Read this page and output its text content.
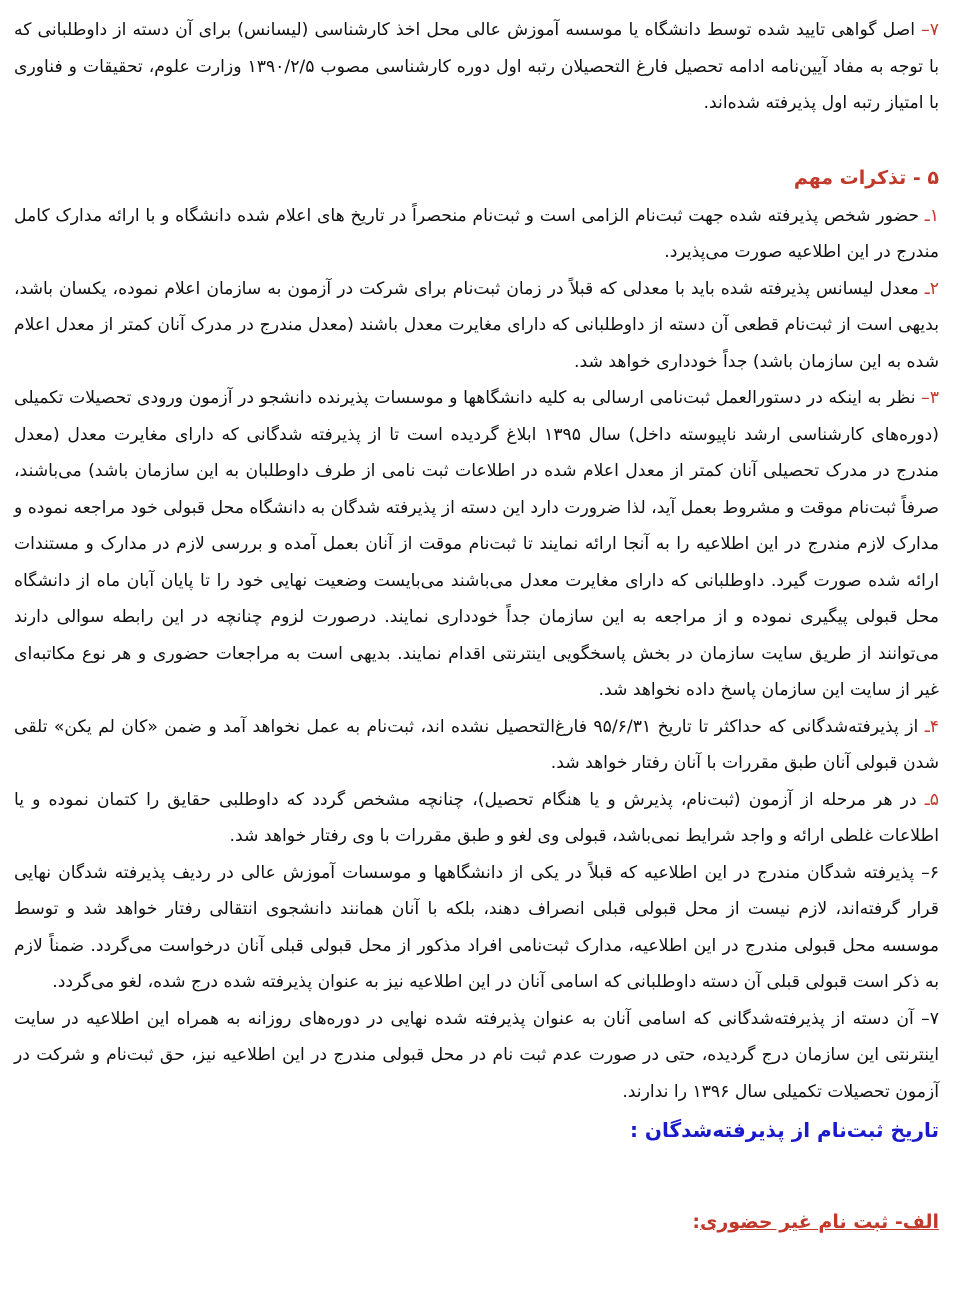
۷– اصل گواهی تایید شده توسط دانشگاه یا موسسه آموزش عالی محل اخذ کارشناسی (لیسانس) برای آن دسته از داوطلبانی که با توجه به مفاد آیین‌نامه ادامه تحصیل فارغ التحصیلان رتبه اول دوره کارشناسی مصوب ۱۳۹۰/۲/۵ وزارت علوم، تحقیقات و فناوری با امتیاز رتبه اول پذیرفته شده‌اند.

۵ - تذکرات مهم

۱ـ حضور شخص پذیرفته شده جهت ثبت‌نام الزامی است و ثبت‌نام منحصراً در تاریخ های اعلام شده دانشگاه و با ارائه مدارک کامل مندرج در این اطلاعیه صورت می‌پذیرد.

۲ـ معدل لیسانس پذیرفته شده باید با معدلی که قبلاً در زمان ثبت‌نام برای شرکت در آزمون به سازمان اعلام نموده، یکسان باشد، بدیهی است از ثبت‌نام قطعی آن دسته از داوطلبانی که دارای مغایرت معدل باشند (معدل مندرج در مدرک آنان کمتر از معدل اعلام شده به این سازمان باشد) جداً خودداری خواهد شد.

۳– نظر به اینکه در دستورالعمل ثبت‌نامی ارسالی به کلیه دانشگاهها و موسسات پذیرنده دانشجو در آزمون ورودی تحصیلات تکمیلی (دوره‌های کارشناسی ارشد ناپیوسته داخل) سال ۱۳۹۵ ابلاغ گردیده است تا از پذیرفته شدگانی که دارای مغایرت معدل (معدل مندرج در مدرک تحصیلی آنان کمتر از معدل اعلام شده در اطلاعات ثبت نامی از طرف داوطلبان به این سازمان باشد) می‌باشند، صرفاً ثبت‌نام موقت و مشروط بعمل آید، لذا ضرورت دارد این دسته از پذیرفته شدگان به دانشگاه محل قبولی خود مراجعه نموده و مدارک لازم مندرج در این اطلاعیه را به آنجا ارائه نمایند تا ثبت‌نام موقت از آنان بعمل آمده و بررسی لازم در مدارک و مستندات ارائه شده صورت گیرد. داوطلبانی که دارای مغایرت معدل می‌باشند می‌بایست وضعیت نهایی خود را تا پایان آبان ماه از دانشگاه محل قبولی پیگیری نموده و از مراجعه به این سازمان جداً خودداری نمایند. درصورت لزوم چنانچه در این رابطه سوالی دارند می‌توانند از طریق سایت سازمان در بخش پاسخگویی اینترنتی اقدام نمایند. بدیهی است به مراجعات حضوری و هر نوع مکاتبه‌ای غیر از سایت این سازمان پاسخ داده نخواهد شد.

۴ـ از پذیرفته‌شدگانی که حداکثر تا تاریخ ۹۵/۶/۳۱ فارغ‌التحصیل نشده اند، ثبت‌نام به عمل نخواهد آمد و ضمن «کان لم یکن» تلقی شدن قبولی آنان طبق مقررات با آنان رفتار خواهد شد.

۵ـ در هر مرحله از آزمون (ثبت‌نام، پذیرش و یا هنگام تحصیل)، چنانچه مشخص گردد که داوطلبی حقایق را کتمان نموده و یا اطلاعات غلطی ارائه و واجد شرایط نمی‌باشد، قبولی وی لغو و طبق مقررات با وی رفتار خواهد شد.

۶– پذیرفته شدگان مندرج در این اطلاعیه که قبلاً در یکی از دانشگاهها و موسسات آموزش عالی در ردیف پذیرفته شدگان نهایی قرار گرفته‌اند، لازم نیست از محل قبولی قبلی انصراف دهند، بلکه با آنان همانند دانشجوی انتقالی رفتار خواهد شد و توسط موسسه محل قبولی مندرج در این اطلاعیه، مدارک ثبت‌نامی افراد مذکور از محل قبولی قبلی آنان درخواست می‌گردد. ضمناً لازم به ذکر است قبولی قبلی آن دسته داوطلبانی که اسامی آنان در این اطلاعیه نیز به عنوان پذیرفته شده درج شده، لغو می‌گردد.

۷– آن دسته از پذیرفته‌شدگانی که اسامی آنان به عنوان پذیرفته شده نهایی در دوره‌های روزانه به همراه این اطلاعیه در سایت اینترنتی این سازمان درج گردیده، حتی در صورت عدم ثبت نام در محل قبولی مندرج در این اطلاعیه نیز، حق ثبت‌نام و شرکت در آزمون تحصیلات تکمیلی سال ۱۳۹۶ را ندارند.

تاریخ ثبت‌نام از پذیرفته‌شدگان :
الف- ثبت نام غیر حضوری:
